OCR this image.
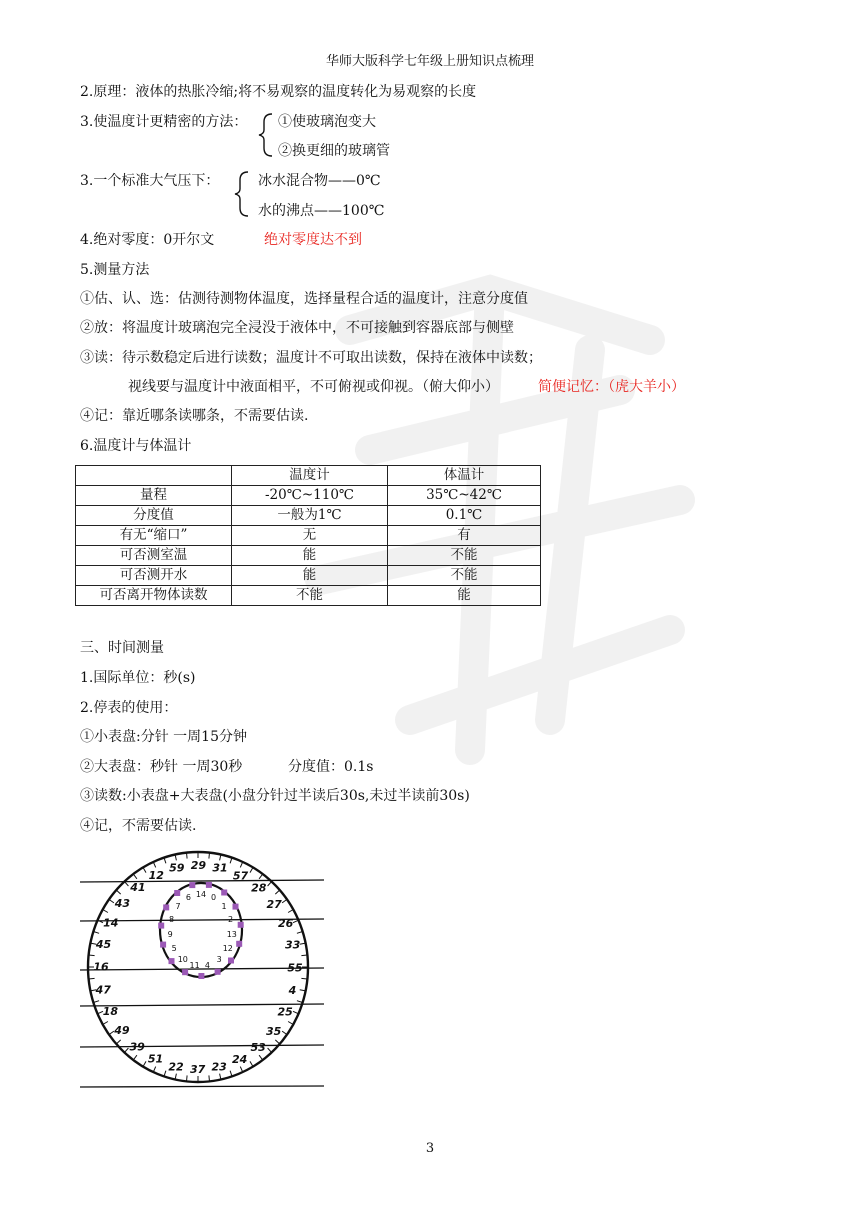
华师大版科学七年级上册知识点梳理
2.原理：液体的热胀冷缩;将不易观察的温度转化为易观察的长度
3.使温度计更精密的方法： ①使玻璃泡变大
②换更细的玻璃管
3.一个标准大气压下：	冰水混合物——0℃
水的沸点——100℃
4.绝对零度：0开尔文	绝对零度达不到
5.测量方法
①估、认、选：估测待测物体温度，选择量程合适的温度计，注意分度值
②放：将温度计玻璃泡完全浸没于液体中，不可接触到容器底部与侧壁
③读：待示数稳定后进行读数；温度计不可取出读数，保持在液体中读数；
视线要与温度计中液面相平，不可俯视或仰视。（俯大仰小）	简便记忆：（虎大羊小）
④记：靠近哪条读哪条，不需要估读.
6.温度计与体温计
	温度计	体温计
量程	-20℃~110℃	35℃~42℃
分度值	一般为1℃	0.1℃
有无“缩口”	无	有
可否测室温	能	不能
可否测开水	能	不能
可否离开物体读数	不能	能
三、时间测量
1.国际单位：秒(s)
2.停表的使用：
①小表盘:分针 一周15分钟
②大表盘：秒针 一周30秒	分度值：0.1s
③读数:小表盘+大表盘(小盘分针过半读后30s,未过半读前30s)
④记，不需要估读.
59 29 31
57
28
27
26
33
55
4
25
35
53
24
23
37
22
51
39
49
18
47
16
45
14
43
41
12
14 0
1
2
13
12
3
4
11
10
5
9
8
7
6
3
